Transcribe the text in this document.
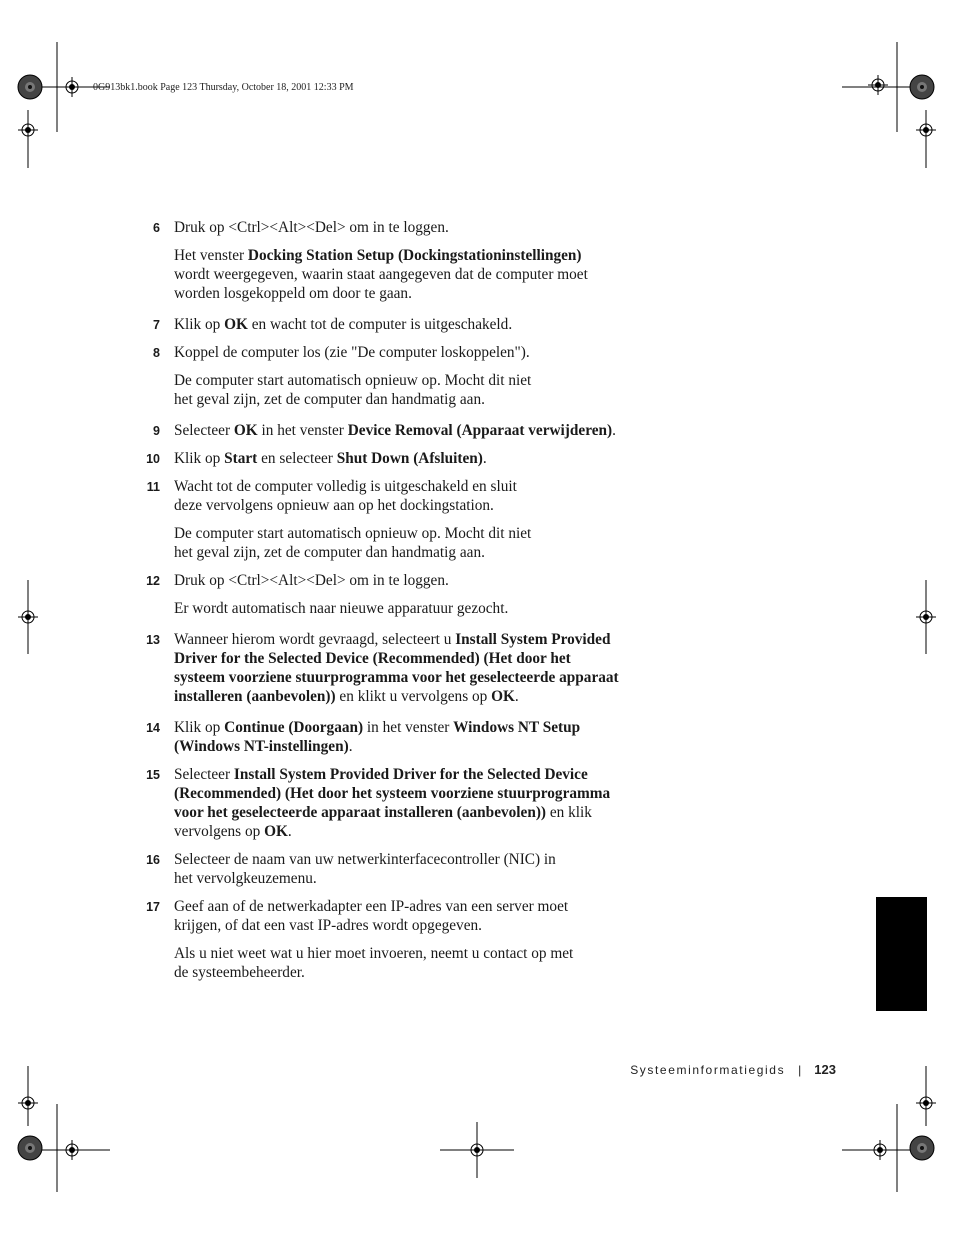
0G913bk1.book Page 123 Thursday, October 18, 2001 12:33 PM
6 Druk op <Ctrl><Alt><Del> om in te loggen.

Het venster Docking Station Setup (Dockingstationinstellingen)
wordt weergegeven, waarin staat aangegeven dat de computer moet
worden losgekoppeld om door te gaan.

7 Klik op OK en wacht tot de computer is uitgeschakeld.

8 Koppel de computer los (zie "De computer loskoppelen").

De computer start automatisch opnieuw op. Mocht dit niet
het geval zijn, zet de computer dan handmatig aan.

9 Selecteer OK in het venster Device Removal (Apparaat verwijderen).

10 Klik op Start en selecteer Shut Down (Afsluiten).

11 Wacht tot de computer volledig is uitgeschakeld en sluit
deze vervolgens opnieuw aan op het dockingstation.

De computer start automatisch opnieuw op. Mocht dit niet
het geval zijn, zet de computer dan handmatig aan.

12 Druk op <Ctrl><Alt><Del> om in te loggen.

Er wordt automatisch naar nieuwe apparatuur gezocht.

13 Wanneer hierom wordt gevraagd, selecteert u Install System Provided
Driver for the Selected Device (Recommended) (Het door het
systeem voorziene stuurprogramma voor het geselecteerde apparaat
installeren (aanbevolen)) en klikt u vervolgens op OK.

14 Klik op Continue (Doorgaan) in het venster Windows NT Setup
(Windows NT-instellingen).

15 Selecteer Install System Provided Driver for the Selected Device
(Recommended) (Het door het systeem voorziene stuurprogramma
voor het geselecteerde apparaat installeren (aanbevolen)) en klik
vervolgens op OK.

16 Selecteer de naam van uw netwerkinterfacecontroller (NIC) in
het vervolgkeuzemenu.

17 Geef aan of de netwerkadapter een IP-adres van een server moet
krijgen, of dat een vast IP-adres wordt opgegeven.

Als u niet weet wat u hier moet invoeren, neemt u contact op met
de systeembeheerder.

Systeeminformatiegids | 123
